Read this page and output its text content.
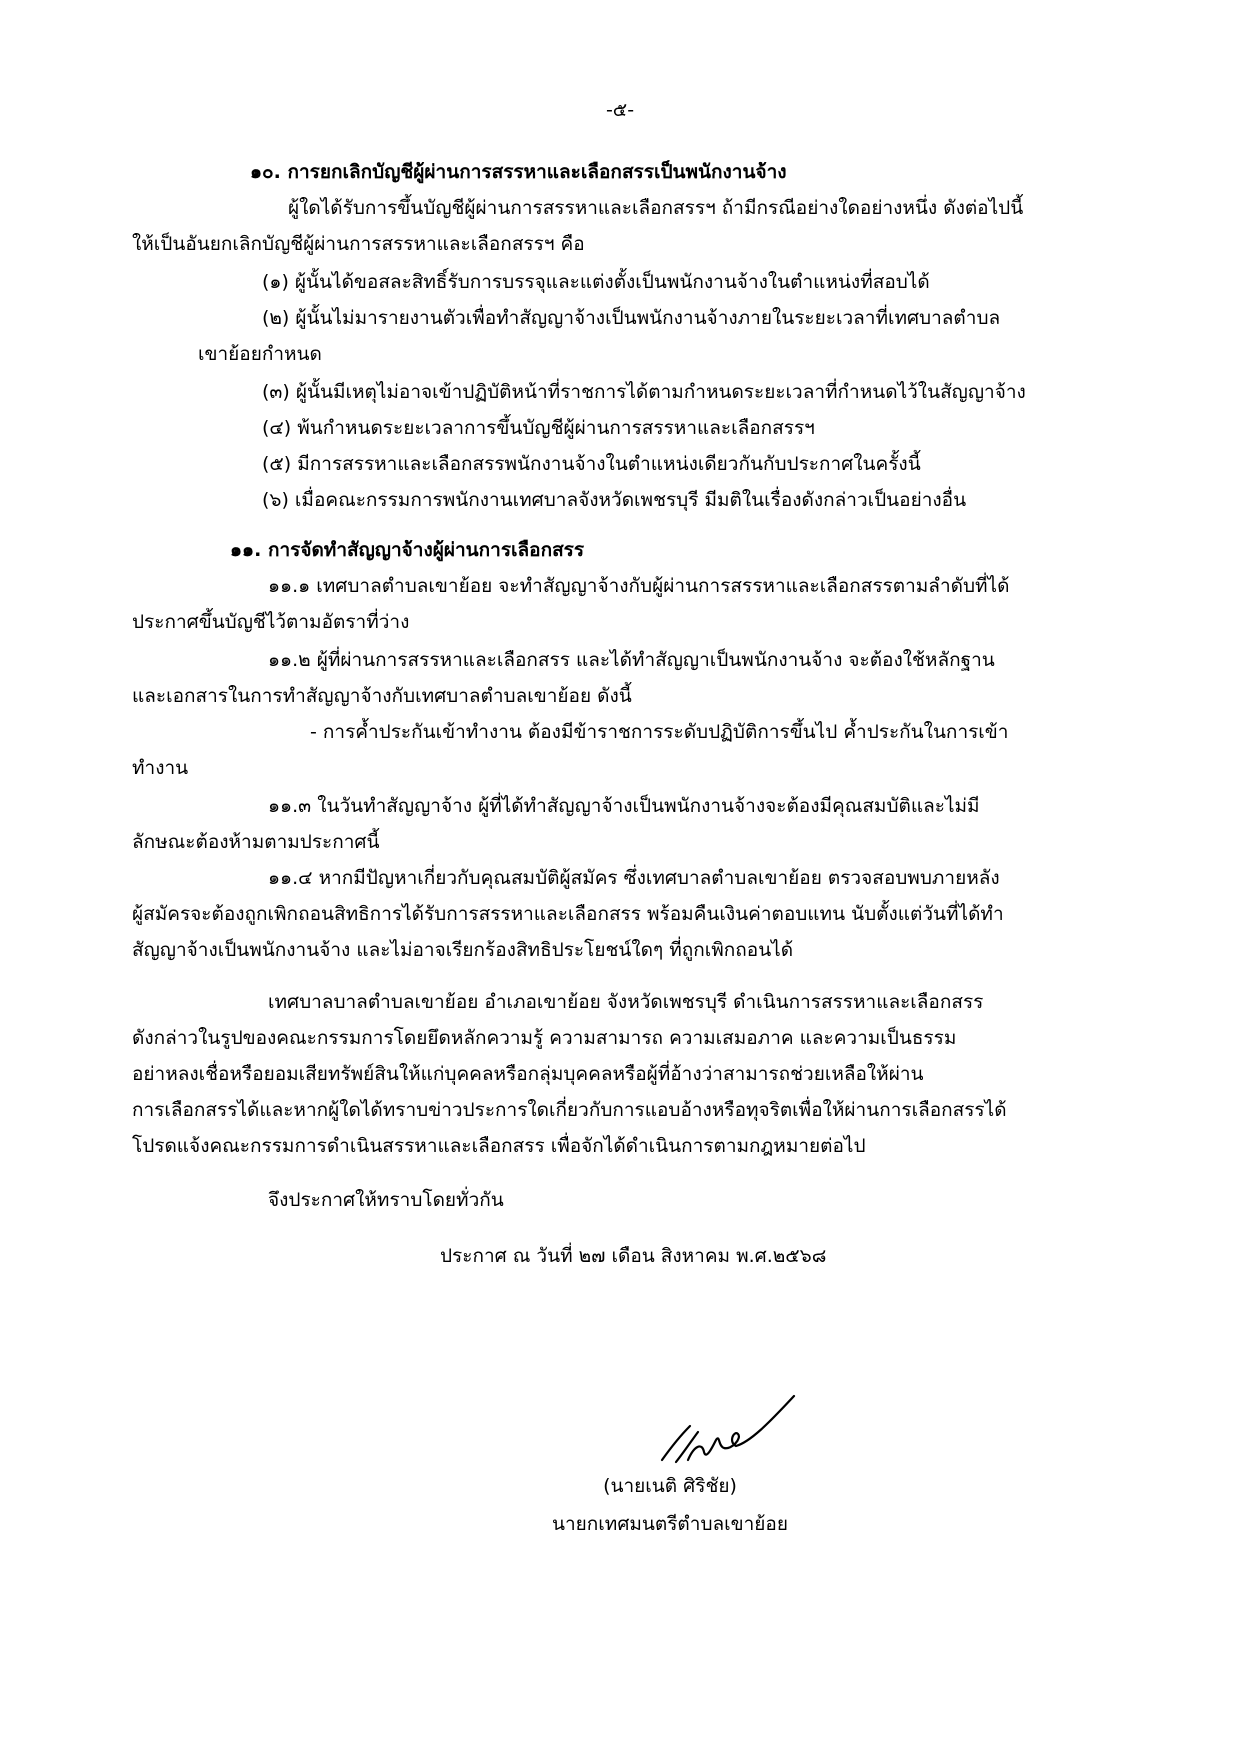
-๕-
๑๐. การยกเลิกบัญชีผู้ผ่านการสรรหาและเลือกสรรเป็นพนักงานจ้าง
ผู้ใดได้รับการขึ้นบัญชีผู้ผ่านการสรรหาและเลือกสรรฯ ถ้ามีกรณีอย่างใดอย่างหนึ่ง ดังต่อไปนี้
ให้เป็นอันยกเลิกบัญชีผู้ผ่านการสรรหาและเลือกสรรฯ คือ
(๑) ผู้นั้นได้ขอสละสิทธิ์รับการบรรจุและแต่งตั้งเป็นพนักงานจ้างในตำแหน่งที่สอบได้
(๒) ผู้นั้นไม่มารายงานตัวเพื่อทำสัญญาจ้างเป็นพนักงานจ้างภายในระยะเวลาที่เทศบาลตำบล
เขาย้อยกำหนด
(๓) ผู้นั้นมีเหตุไม่อาจเข้าปฏิบัติหน้าที่ราชการได้ตามกำหนดระยะเวลาที่กำหนดไว้ในสัญญาจ้าง
(๔) พ้นกำหนดระยะเวลาการขึ้นบัญชีผู้ผ่านการสรรหาและเลือกสรรฯ
(๕) มีการสรรหาและเลือกสรรพนักงานจ้างในตำแหน่งเดียวกันกับประกาศในครั้งนี้
(๖) เมื่อคณะกรรมการพนักงานเทศบาลจังหวัดเพชรบุรี มีมติในเรื่องดังกล่าวเป็นอย่างอื่น
๑๑. การจัดทำสัญญาจ้างผู้ผ่านการเลือกสรร
๑๑.๑ เทศบาลตำบลเขาย้อย จะทำสัญญาจ้างกับผู้ผ่านการสรรหาและเลือกสรรตามลำดับที่ได้
ประกาศขึ้นบัญชีไว้ตามอัตราที่ว่าง
๑๑.๒ ผู้ที่ผ่านการสรรหาและเลือกสรร และได้ทำสัญญาเป็นพนักงานจ้าง จะต้องใช้หลักฐาน
และเอกสารในการทำสัญญาจ้างกับเทศบาลตำบลเขาย้อย ดังนี้
- การค้ำประกันเข้าทำงาน ต้องมีข้าราชการระดับปฏิบัติการขึ้นไป ค้ำประกันในการเข้า
ทำงาน
๑๑.๓ ในวันทำสัญญาจ้าง ผู้ที่ได้ทำสัญญาจ้างเป็นพนักงานจ้างจะต้องมีคุณสมบัติและไม่มี
ลักษณะต้องห้ามตามประกาศนี้
๑๑.๔ หากมีปัญหาเกี่ยวกับคุณสมบัติผู้สมัคร ซึ่งเทศบาลตำบลเขาย้อย ตรวจสอบพบภายหลัง
ผู้สมัครจะต้องถูกเพิกถอนสิทธิการได้รับการสรรหาและเลือกสรร พร้อมคืนเงินค่าตอบแทน นับตั้งแต่วันที่ได้ทำ
สัญญาจ้างเป็นพนักงานจ้าง และไม่อาจเรียกร้องสิทธิประโยชน์ใดๆ ที่ถูกเพิกถอนได้
เทศบาลบาลตำบลเขาย้อย อำเภอเขาย้อย จังหวัดเพชรบุรี ดำเนินการสรรหาและเลือกสรร
ดังกล่าวในรูปของคณะกรรมการโดยยึดหลักความรู้ ความสามารถ ความเสมอภาค และความเป็นธรรม
อย่าหลงเชื่อหรือยอมเสียทรัพย์สินให้แก่บุคคลหรือกลุ่มบุคคลหรือผู้ที่อ้างว่าสามารถช่วยเหลือให้ผ่าน
การเลือกสรรได้และหากผู้ใดได้ทราบข่าวประการใดเกี่ยวกับการแอบอ้างหรือทุจริตเพื่อให้ผ่านการเลือกสรรได้
โปรดแจ้งคณะกรรมการดำเนินสรรหาและเลือกสรร เพื่อจักได้ดำเนินการตามกฎหมายต่อไป
จึงประกาศให้ทราบโดยทั่วกัน
ประกาศ ณ วันที่ ๒๗ เดือน สิงหาคม พ.ศ.๒๕๖๘
(นายเนติ ศิริชัย)
นายกเทศมนตรีตำบลเขาย้อย
